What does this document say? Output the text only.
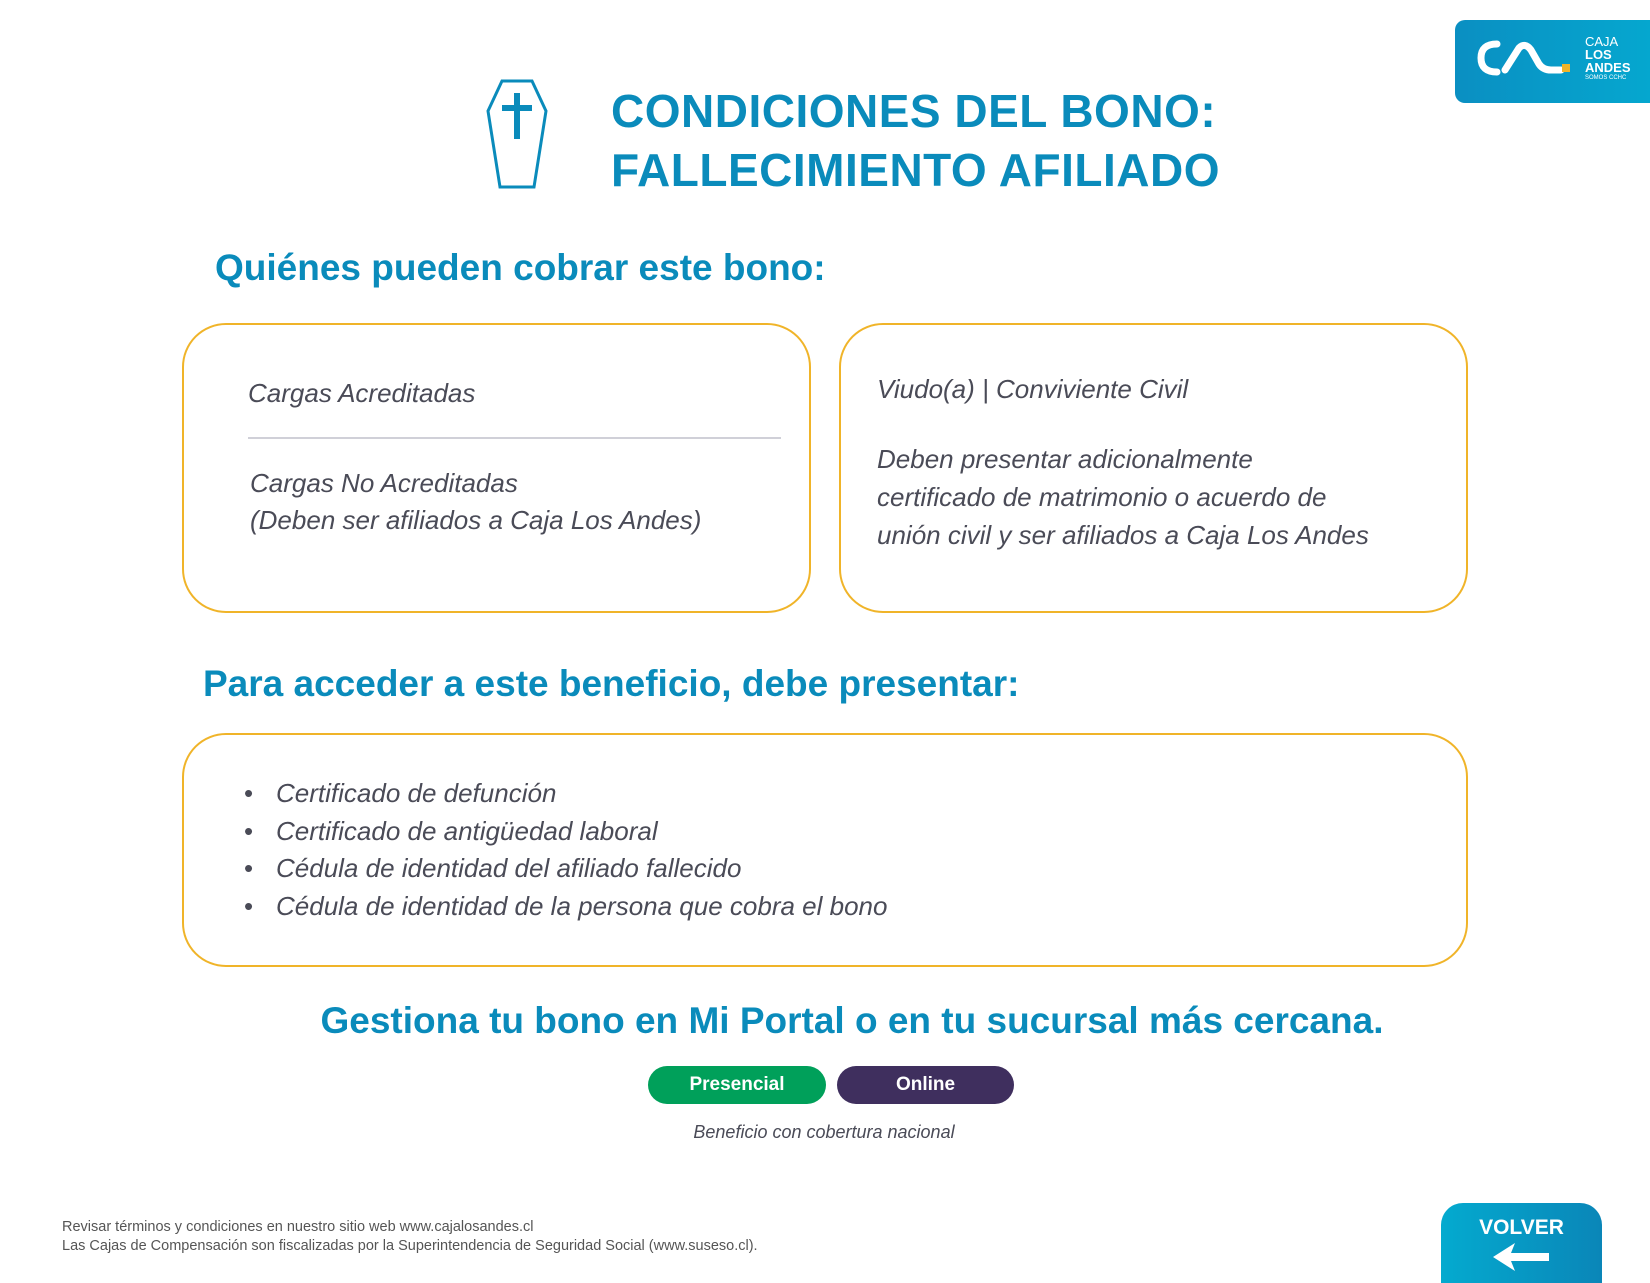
CAJA
LOS
ANDES
SOMOS CCHC
CONDICIONES DEL BONO:
FALLECIMIENTO AFILIADO
Quiénes pueden cobrar este bono:
Cargas Acreditadas
Cargas No Acreditadas
(Deben ser afiliados a Caja Los Andes)
Viudo(a) | Conviviente Civil
Deben presentar adicionalmente
certificado de matrimonio o acuerdo de
unión civil y ser afiliados a Caja Los Andes
Para acceder a este beneficio, debe presentar:
• Certificado de defunción
• Certificado de antigüedad laboral
• Cédula de identidad del afiliado fallecido
• Cédula de identidad de la persona que cobra el bono
Gestiona tu bono en Mi Portal o en tu sucursal más cercana.
Presencial	Online
Beneficio con cobertura nacional
Revisar términos y condiciones en nuestro sitio web www.cajalosandes.cl
Las Cajas de Compensación son fiscalizadas por la Superintendencia de Seguridad Social (www.suseso.cl).
VOLVER
